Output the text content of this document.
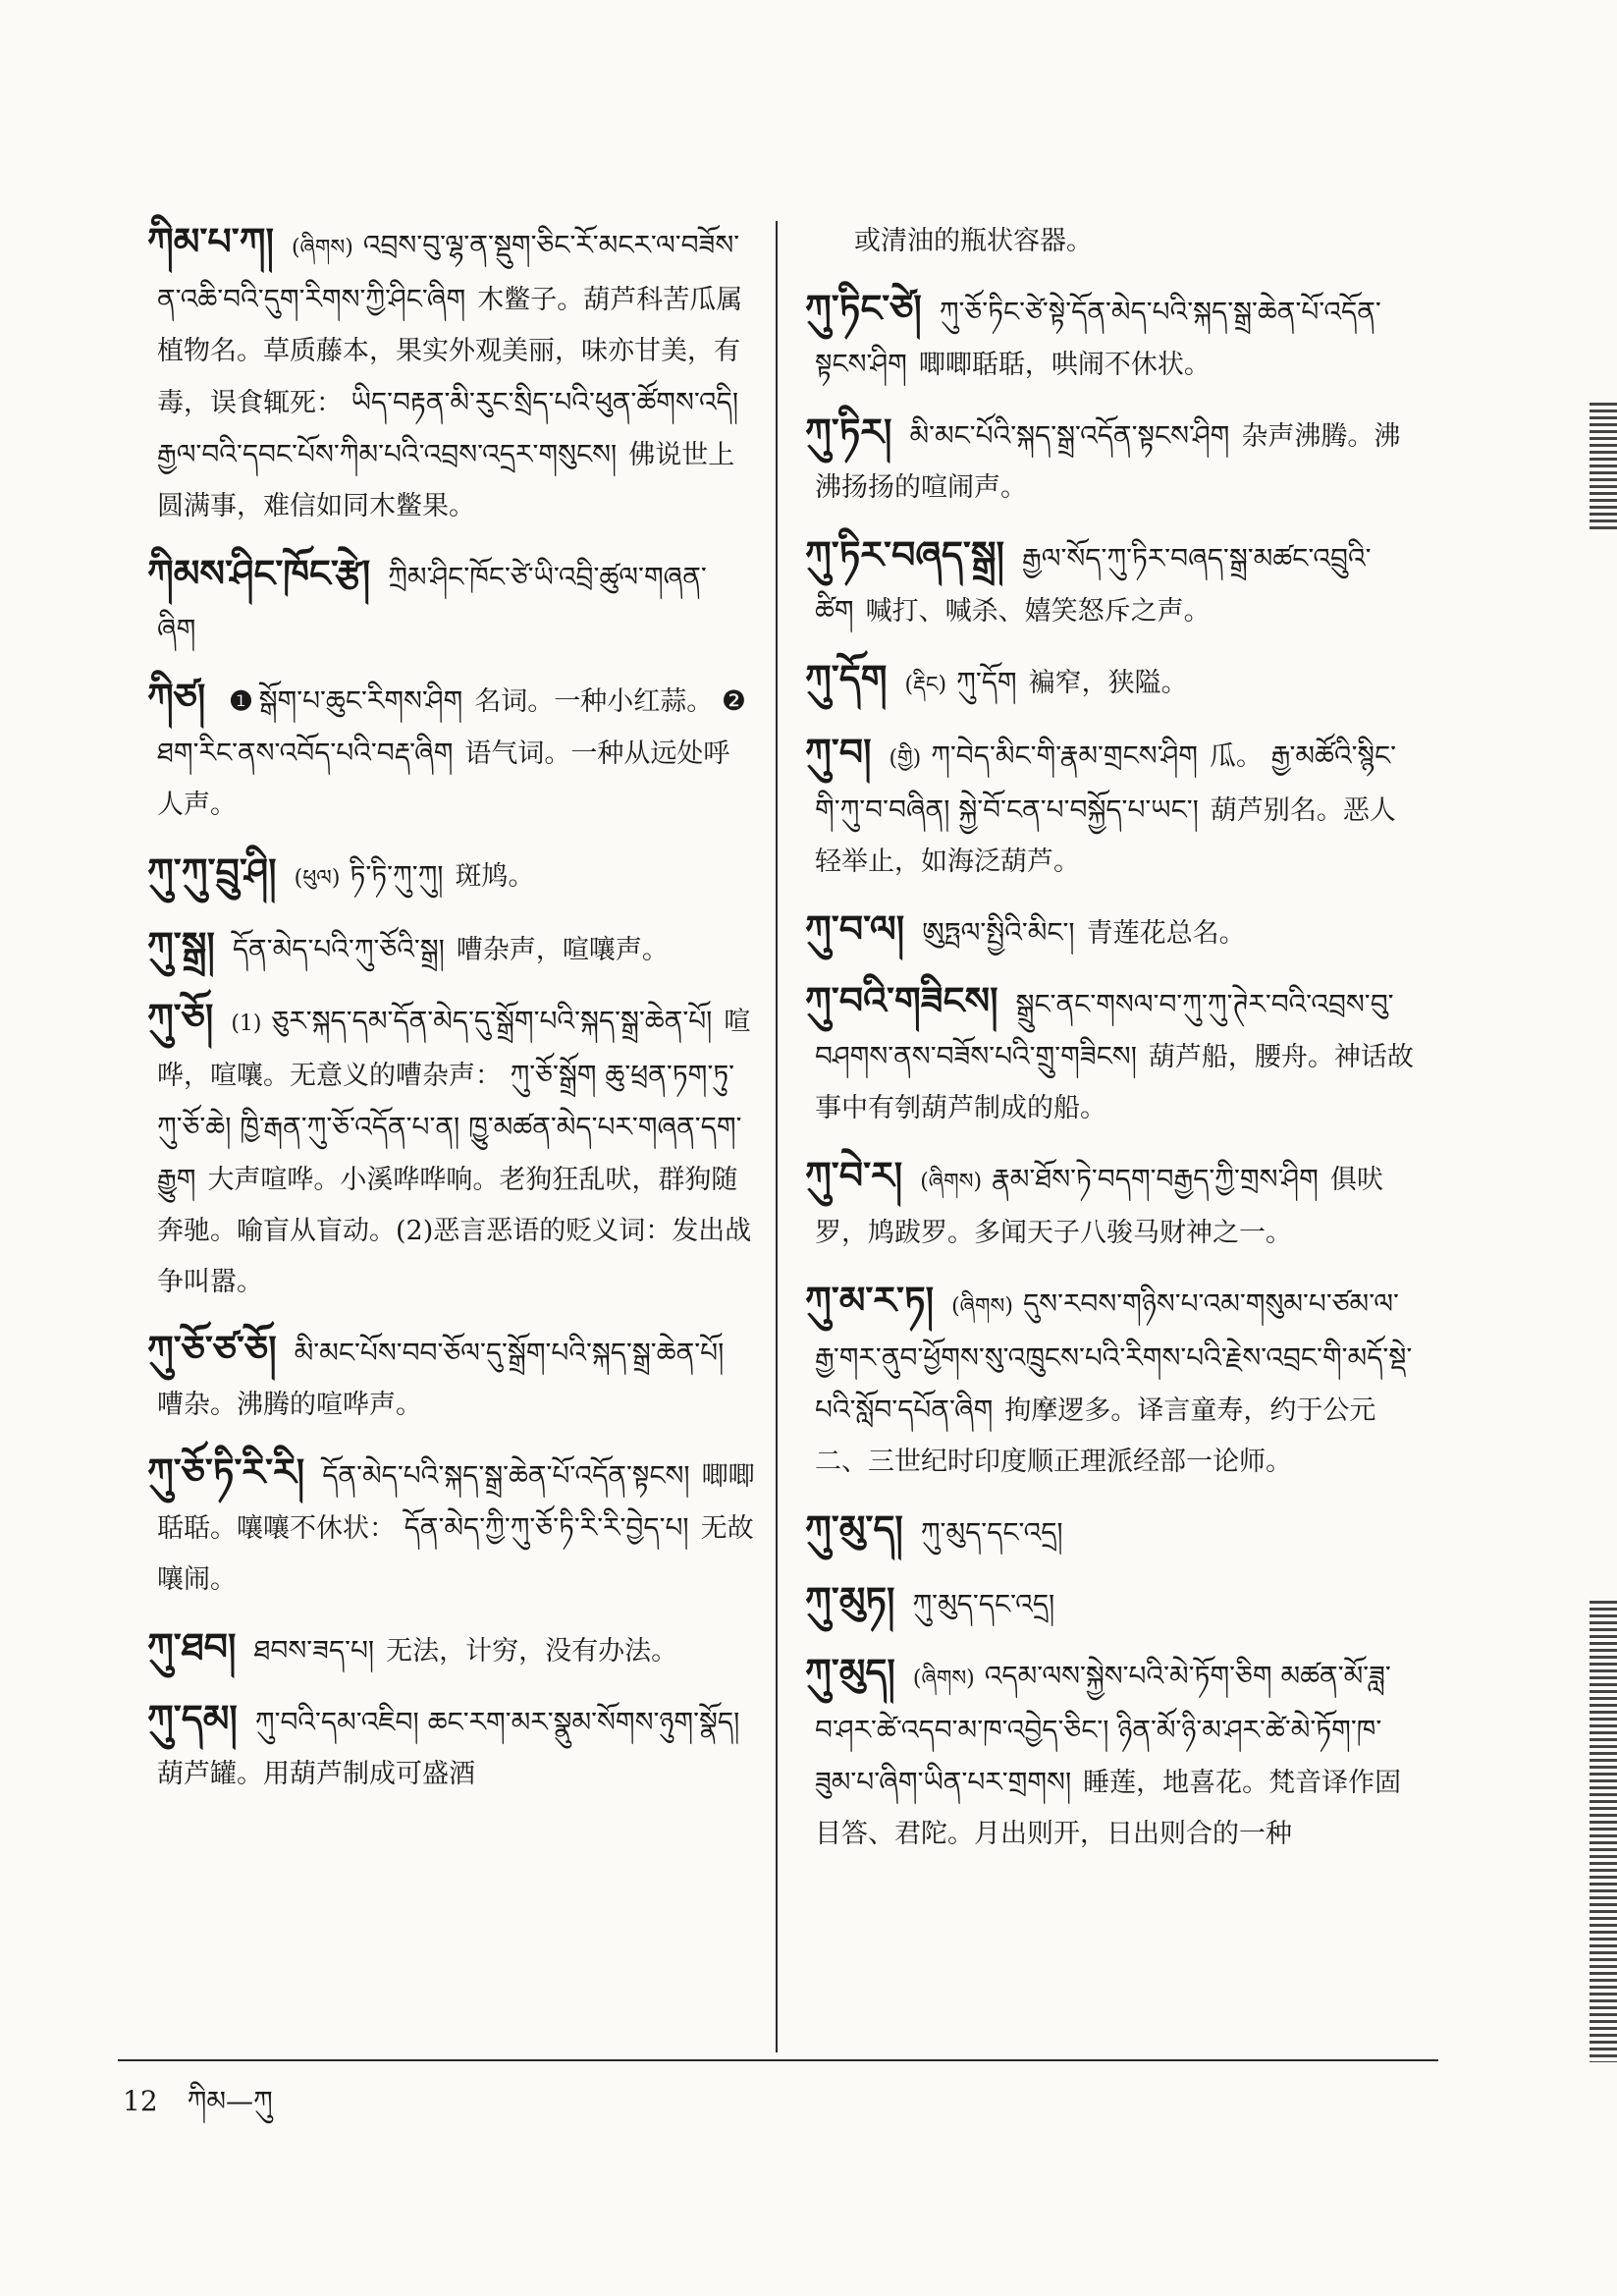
ཀིམ་པ་ཀ། (ཞིགས) འབྲས་བུ་ལྷ་ན་སྡུག་ཅིང་རོ་མངར་ལ་བཟོས་ན་འཆི་བའི་དུག་རིགས་ཀྱི་ཤིང་ཞིག 木鳖子。葫芦科苦瓜属植物名。草质藤本，果实外观美丽，味亦甘美，有毒，误食辄死： ཡིད་བརྟན་མི་རུང་སྲིད་པའི་ཕུན་ཚོགས་འདི། རྒྱལ་བའི་དབང་པོས་ཀིམ་པའི་འབྲས་འདྲར་གསུངས། 佛说世上圆满事，难信如同木鳖果。
ཀིམས་ཤིང་ཁོང་རྩེ། ཀྲིམ་ཤིང་ཁོང་ཙེ་ཡི་འབྲི་ཚུལ་གཞན་ཞིག
ཀིཙ། ❶ སྒོག་པ་ཆུང་རིགས་ཤིག 名词。一种小红蒜。 ❷ ཐག་རིང་ནས་འབོད་པའི་བརྡ་ཞིག 语气词。一种从远处呼人声。
ཀུ་ཀུ་བྲུ་ཤི། (ཕུལ) ཏི་ཏི་ཀུ་ཀུ། 斑鸠。
ཀུ་སྒྲ། དོན་མེད་པའི་ཀུ་ཅོའི་སྒྲ། 嘈杂声，喧嚷声。
ཀུ་ཅོ། (1) ཅུར་སྐད་དམ་དོན་མེད་དུ་སྒྲོག་པའི་སྐད་སྒྲ་ཆེན་པོ། 喧哗，喧嚷。无意义的嘈杂声： ཀུ་ཅོ་སྒྲོག ཆུ་ཕྲན་ཏག་ཏུ་ཀུ་ཅོ་ཆེ། ཁྱི་རྒན་ཀུ་ཅོ་འདོན་པ་ན། ཁྱུ་མཚན་མེད་པར་གཞན་དག་རྒྱུག 大声喧哗。小溪哗哗响。老狗狂乱吠，群狗随奔驰。喻盲从盲动。(2)恶言恶语的贬义词：发出战争叫嚣。
ཀུ་ཅོ་ཙ་ཅོ། མི་མང་པོས་བབ་ཅོལ་དུ་སྒྲོག་པའི་སྐད་སྒྲ་ཆེན་པོ།嘈杂。沸腾的喧哗声。
ཀུ་ཅོ་ཏི་རི་རི། དོན་མེད་པའི་སྐད་སྒྲ་ཆེན་པོ་འདོན་སྟངས། 唧唧聒聒。嚷嚷不休状： དོན་མེད་ཀྱི་ཀུ་ཅོ་ཏི་རི་རི་བྱེད་པ། 无故嚷闹。
ཀུ་ཐབ། ཐབས་ཟད་པ། 无法，计穷，没有办法。
ཀུ་དམ། ཀུ་བའི་དམ་འཇིབ། ཆང་རག་མར་སྣུམ་སོགས་ཉུག་སྣོད།葫芦罐。用葫芦制成可盛酒
或清油的瓶状容器。
ཀུ་ཏིང་ཙེ། ཀུ་ཅོ་ཏིང་ཙེ་སྟེ་དོན་མེད་པའི་སྐད་སྒྲ་ཆེན་པོ་འདོན་སྟངས་ཤིག 唧唧聒聒，哄闹不休状。
ཀུ་ཏིར། མི་མང་པོའི་སྐད་སྒྲ་འདོན་སྟངས་ཤིག 杂声沸腾。沸沸扬扬的喧闹声。
ཀུ་ཏིར་བཞད་སྒྲ། རྒྱལ་སོད་ཀུ་ཏིར་བཞད་སྒྲ་མཚང་འབྲུའི་ཚིག 喊打、喊杀、嬉笑怒斥之声。
ཀུ་དོག (རྡིང) ཀུ་དོག 褊窄，狭隘。
ཀུ་བ། (གྱི) ཀ་བེད་མིང་གི་རྣམ་གྲངས་ཤིག 瓜。 རྒྱ་མཚོའི་སྙིང་གི་ཀུ་བ་བཞིན། སྐྱེ་བོ་ངན་པ་བསྐྱོད་པ་ཡང་། 葫芦别名。恶人轻举止，如海泛葫芦。
ཀུ་བ་ལ། ཨུཏྤལ་སྤྱིའི་མིང་། 青莲花总名。
ཀུ་བའི་གཟིངས། སྒྲུང་ནང་གསལ་བ་ཀུ་ཀུ་ཊེར་བའི་འབྲས་བུ་བཤགས་ནས་བཟོས་པའི་གྲུ་གཟིངས། 葫芦船，腰舟。神话故事中有刳葫芦制成的船。
ཀུ་བེ་ར། (ཞིགས) རྣམ་ཐོས་ཏེ་བདག་བརྒྱད་ཀྱི་གྲས་ཤིག 俱吠罗，鸠跋罗。多闻天子八骏马财神之一。
ཀུ་མ་ར་ཏ། (ཞིགས) དུས་རབས་གཉིས་པ་འམ་གསུམ་པ་ཙམ་ལ་རྒྱ་གར་ནུབ་ཕྱོགས་སུ་འཁྲུངས་པའི་རིགས་པའི་རྗེས་འབྲང་གི་མདོ་སྡེ་པའི་སློབ་དཔོན་ཞིག 拘摩逻多。译言童寿，约于公元二、三世纪时印度顺正理派经部一论师。
ཀུ་མུ་ད། ཀུ་མུད་དང་འདྲ།
ཀུ་མུཏ། ཀུ་མུད་དང་འདྲ།
ཀུ་མུད། (ཞིགས) འདམ་ལས་སྐྱེས་པའི་མེ་ཏོག་ཅིག མཚན་མོ་ཟླ་བ་ཤར་ཚེ་འདབ་མ་ཁ་འབྱེད་ཅིང་། ཉིན་མོ་ཉི་མ་ཤར་ཚེ་མེ་ཏོག་ཁ་ཟུམ་པ་ཞིག་ཡིན་པར་གྲགས། 睡莲，地喜花。梵音译作固目答、君陀。月出则开，日出则合的一种
12 ཀིམ—ཀུ
